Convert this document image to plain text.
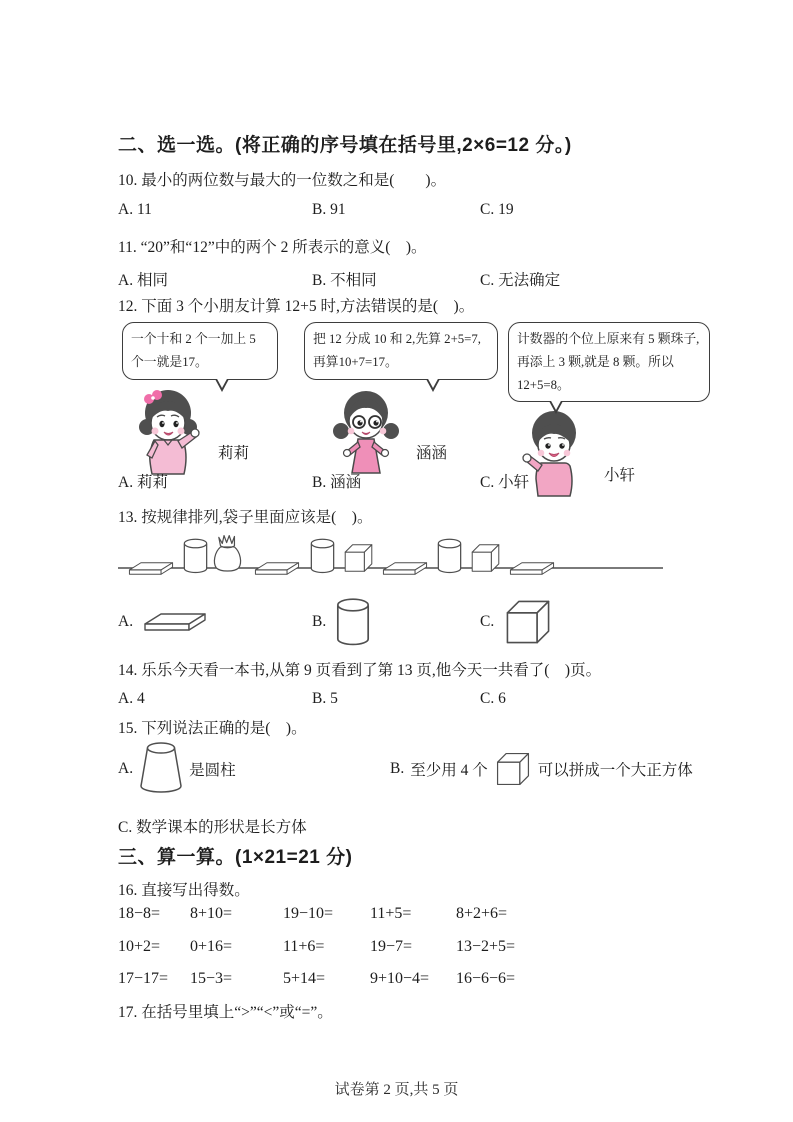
二、选一选。(将正确的序号填在括号里,2×6=12 分。)
10. 最小的两位数与最大的一位数之和是(　　)。
A. 11	B. 91	C. 19
11. “20”和“12”中的两个 2 所表示的意义(　)。
A. 相同	B. 不相同	C. 无法确定
12. 下面 3 个小朋友计算 12+5 时,方法错误的是(　)。
一个十和 2 个一加上 5 个一就是17。
莉莉
把 12 分成 10 和 2,先算 2+5=7,再算10+7=17。
涵涵
计数器的个位上原来有 5 颗珠子,再添上 3 颗,就是 8 颗。所以12+5=8。
小轩
A. 莉莉	B. 涵涵	C. 小轩
13. 按规律排列,袋子里面应该是(　)。
A.	B.	C.
14. 乐乐今天看一本书,从第 9 页看到了第 13 页,他今天一共看了(　)页。
A. 4	B. 5	C. 6
15. 下列说法正确的是(　)。
A.	是圆柱	B. 至少用 4 个	可以拼成一个大正方体
C. 数学课本的形状是长方体
三、算一算。(1×21=21 分)
16. 直接写出得数。
18−8=	8+10=	19−10=	11+5=	8+2+6=
10+2=	0+16=	11+6=	19−7=	13−2+5=
17−17=	15−3=	5+14=	9+10−4=	16−6−6=
17. 在括号里填上“>”“<”或“=”。
试卷第 2 页,共 5 页
